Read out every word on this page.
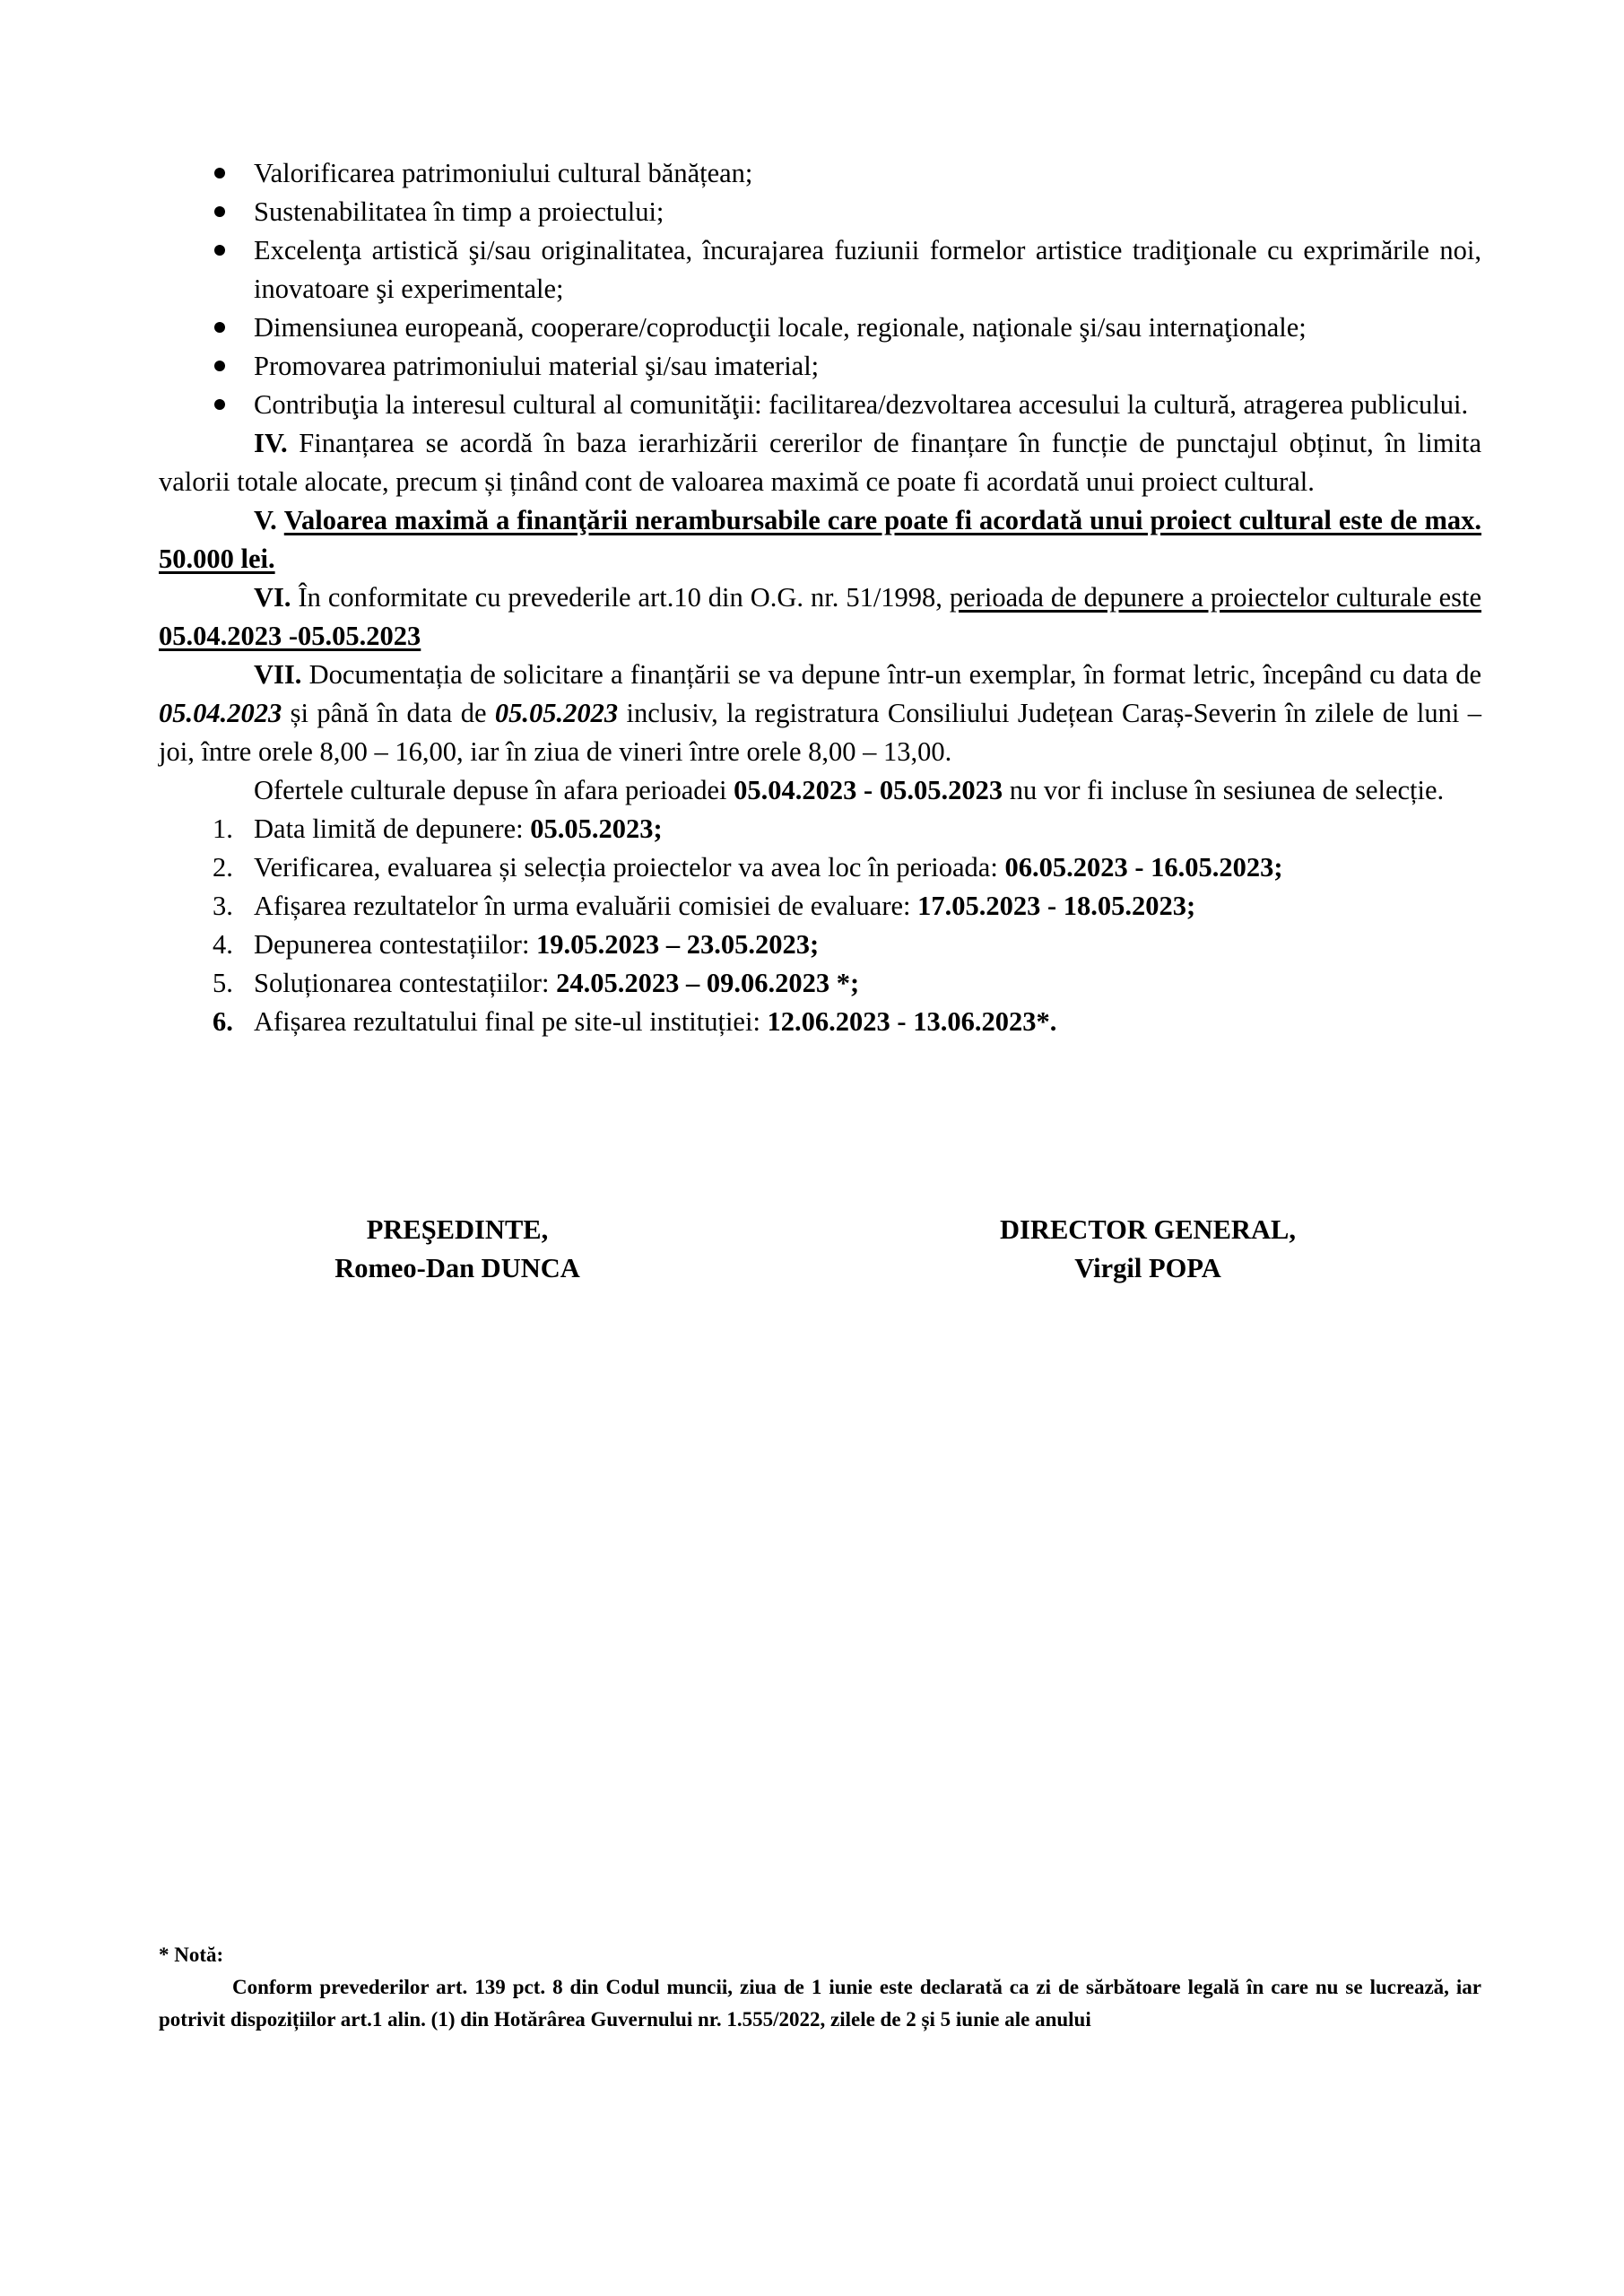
Valorificarea patrimoniului cultural bănățean;
Sustenabilitatea în timp a proiectului;
Excelenţa artistică şi/sau originalitatea, încurajarea fuziunii formelor artistice tradiţionale cu exprimările noi, inovatoare şi experimentale;
Dimensiunea europeană, cooperare/coproducţii locale, regionale, naţionale şi/sau internaţionale;
Promovarea patrimoniului material şi/sau imaterial;
Contribuţia la interesul cultural al comunităţii: facilitarea/dezvoltarea accesului la cultură, atragerea publicului.

IV. Finanțarea se acordă în baza ierarhizării cererilor de finanțare în funcție de punctajul obținut, în limita valorii totale alocate, precum și ținând cont de valoarea maximă ce poate fi acordată unui proiect cultural.

V. Valoarea maximă a finanţării nerambursabile care poate fi acordată unui proiect cultural este de max. 50.000 lei.

VI. În conformitate cu prevederile art.10 din O.G. nr. 51/1998, perioada de depunere a proiectelor culturale este 05.04.2023 -05.05.2023

VII. Documentația de solicitare a finanțării se va depune într-un exemplar, în format letric, începând cu data de 05.04.2023 și până în data de 05.05.2023 inclusiv, la registratura Consiliului Județean Caraș-Severin în zilele de luni – joi, între orele 8,00 – 16,00, iar în ziua de vineri între orele 8,00 – 13,00.

Ofertele culturale depuse în afara perioadei 05.04.2023 - 05.05.2023 nu vor fi incluse în sesiunea de selecție.

1. Data limită de depunere: 05.05.2023;
2. Verificarea, evaluarea și selecția proiectelor va avea loc în perioada: 06.05.2023 - 16.05.2023;
3. Afișarea rezultatelor în urma evaluării comisiei de evaluare: 17.05.2023 - 18.05.2023;
4. Depunerea contestațiilor: 19.05.2023 – 23.05.2023;
5. Soluționarea contestațiilor: 24.05.2023 – 09.06.2023 *;
6. Afișarea rezultatului final pe site-ul instituției: 12.06.2023 - 13.06.2023*.
PREŞEDINTE,
Romeo-Dan DUNCA
DIRECTOR GENERAL,
Virgil POPA
* Notă:

Conform prevederilor art. 139 pct. 8 din Codul muncii, ziua de 1 iunie este declarată ca zi de sărbătoare legală în care nu se lucrează, iar potrivit dispozițiilor art.1 alin. (1) din Hotărârea Guvernului nr. 1.555/2022, zilele de 2 și 5 iunie ale anului
